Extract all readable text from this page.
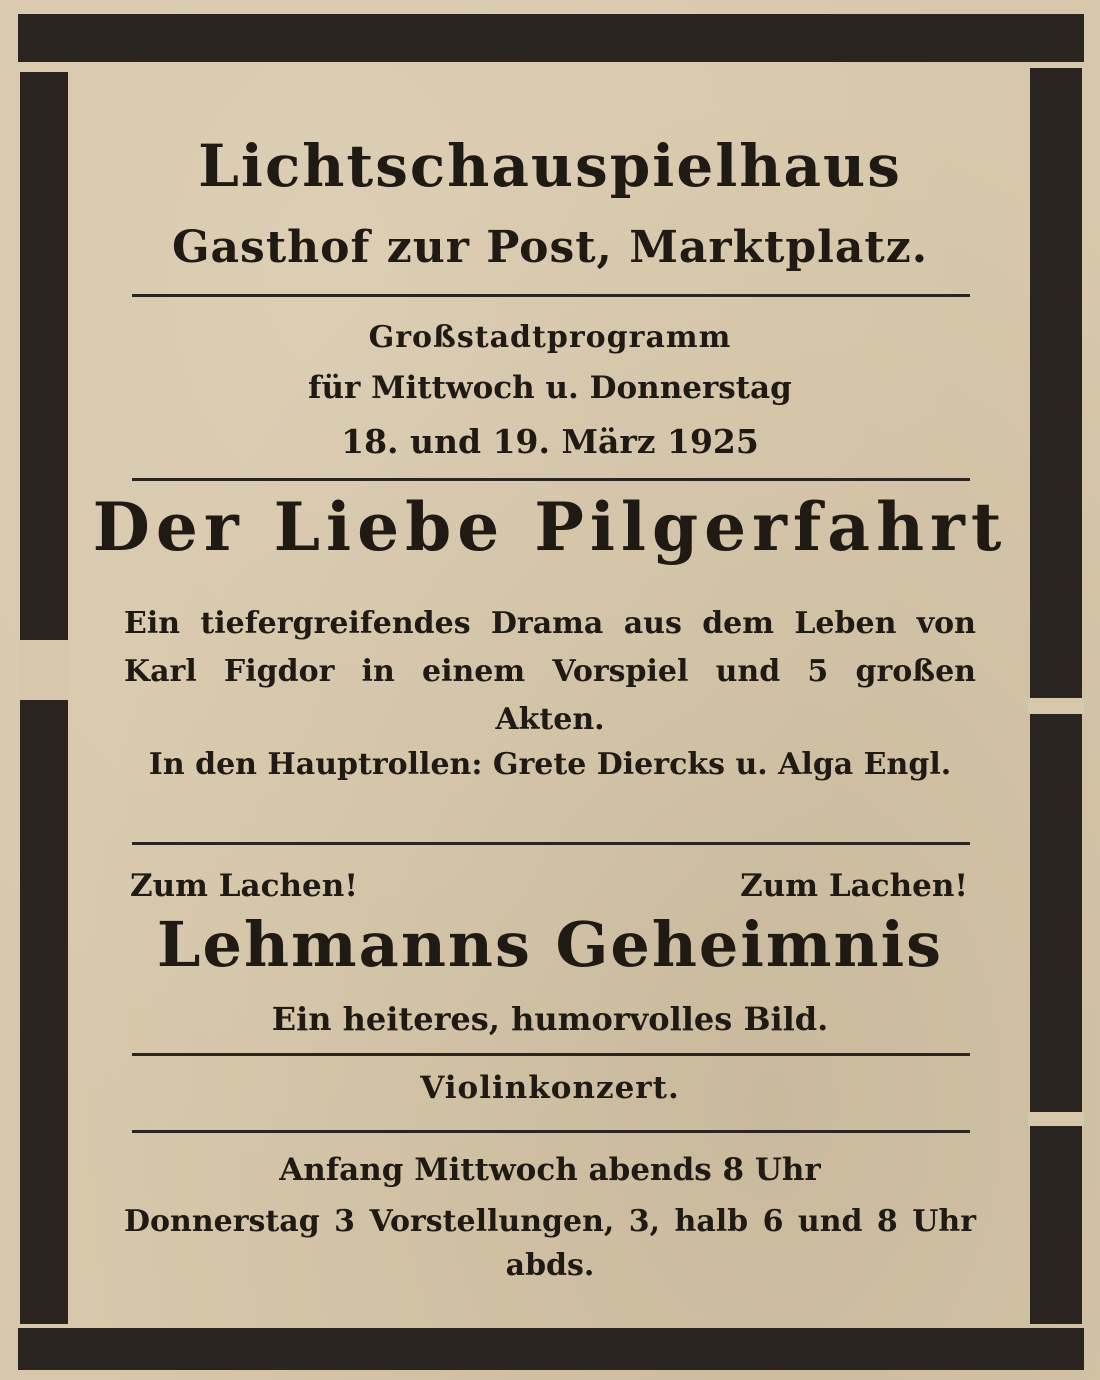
Lichtschauspielhaus
Gasthof zur Post, Marktplatz.
Großstadtprogramm
für Mittwoch u. Donnerstag
18. und 19. März 1925
Der Liebe Pilgerfahrt
Ein tiefergreifendes Drama aus dem Leben von Karl Figdor in einem Vorspiel und 5 großen Akten.
In den Hauptrollen: Grete Diercks u. Alga Engl.
Zum Lachen!	Zum Lachen!
Lehmanns Geheimnis
Ein heiteres, humorvolles Bild.
Violinkonzert.
Anfang Mittwoch abends 8 Uhr
Donnerstag 3 Vorstellungen, 3, halb 6 und 8 Uhr abds.
